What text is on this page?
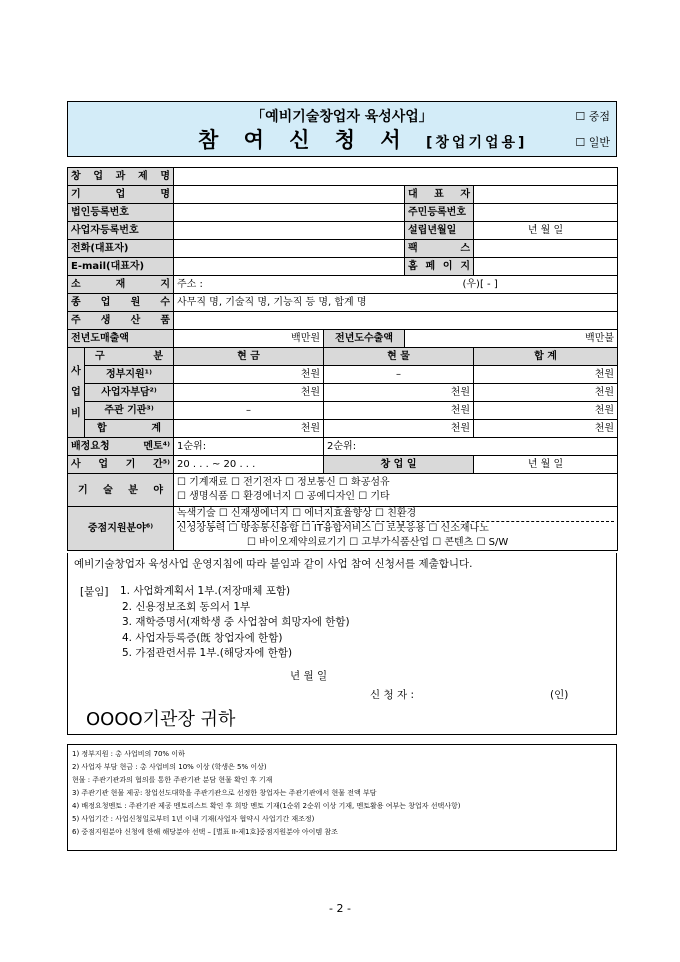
「예비기술창업자 육성사업」
참 여 신 청 서 [창업기업용]
☐ 중점
☐ 일반
창 업 과 제 명					
기 업 명				대 표 자	
법인등록번호				주민등록번호	
사업자등록번호				설립년월일	년 월 일
전화(대표자)				팩 스	
E-mail(대표자)				홈 페 이 지	
소 재 지		주소 : (우)[ - ]			

종 업 원 수		사무직 명, 기술직 명, 기능직 등 명, 합계 명			
주 생 산 품					
전년도매출액		백만원	전년도수출액	백만불	

사
업
비	구 분	현 금	현 물		합 계
	정부지원¹⁾	천원	–		천원
	사업자부담²⁾	천원	천원		천원
	주관 기관³⁾	–	천원		천원
	합 계	천원	천원		천원
배정요청 멘토⁴⁾		1순위:	2순위:		
사 업 기 간⁵⁾		20 . . . ~ 20 . . .	창 업 일		년 월 일
기 술 분 야		☐ 기계재료 ☐ 전기전자 ☐ 정보통신 ☐ 화공섬유
☐ 생명식품 ☐ 환경에너지 ☐ 공예디자인 ☐ 기타			

중점지원분야⁶⁾		녹색기술 ☐ 신재생에너지 ☐ 에너지효율향상 ☐ 친환경
신성장동력 ☐ 방송통신융합 ☐ IT융합서비스 ☐ 로봇응용 ☐ 신소재나노
☐ 바이오제약의료기기 ☐ 고부가식품산업 ☐ 콘텐츠 ☐ S/W			
예비기술창업자 육성사업 운영지침에 따라 붙임과 같이 사업 참여 신청서를 제출합니다.
[붙임] 1. 사업화계획서 1부.(저장매체 포함)
2. 신용정보조회 동의서 1부
3. 재학증명서(재학생 중 사업참여 희망자에 한함)
4. 사업자등록증(旣 창업자에 한함)
5. 가점관련서류 1부.(해당자에 한함)
년 월 일
신 청 자 :	(인)
OOOO기관장 귀하
1) 정부지원 : 총 사업비의 70% 이하
2) 사업자 부담 현금 : 총 사업비의 10% 이상 (학생은 5% 이상)
현물 : 주관기관과의 협의를 통한 주관기관 분담 현물 확인 후 기재
3) 주관기관 현물 제공: 창업선도대학을 주관기관으로 선정한 창업자는 주관기관에서 현물 전액 부담
4) 배정요청멘토 : 주관기관 제공 멘토리스트 확인 후 희망 멘토 기재(1순위 2순위 이상 기재, 멘토활용 여부는 창업자 선택사항)
5) 사업기간 : 사업신청일로부터 1년 이내 기재(사업자 협약시 사업기간 재조정)
6) 중점지원분야 신청에 한해 해당분야 선택 – [별표 II-제1호]중점지원분야 아이템 참조
- 2 -
